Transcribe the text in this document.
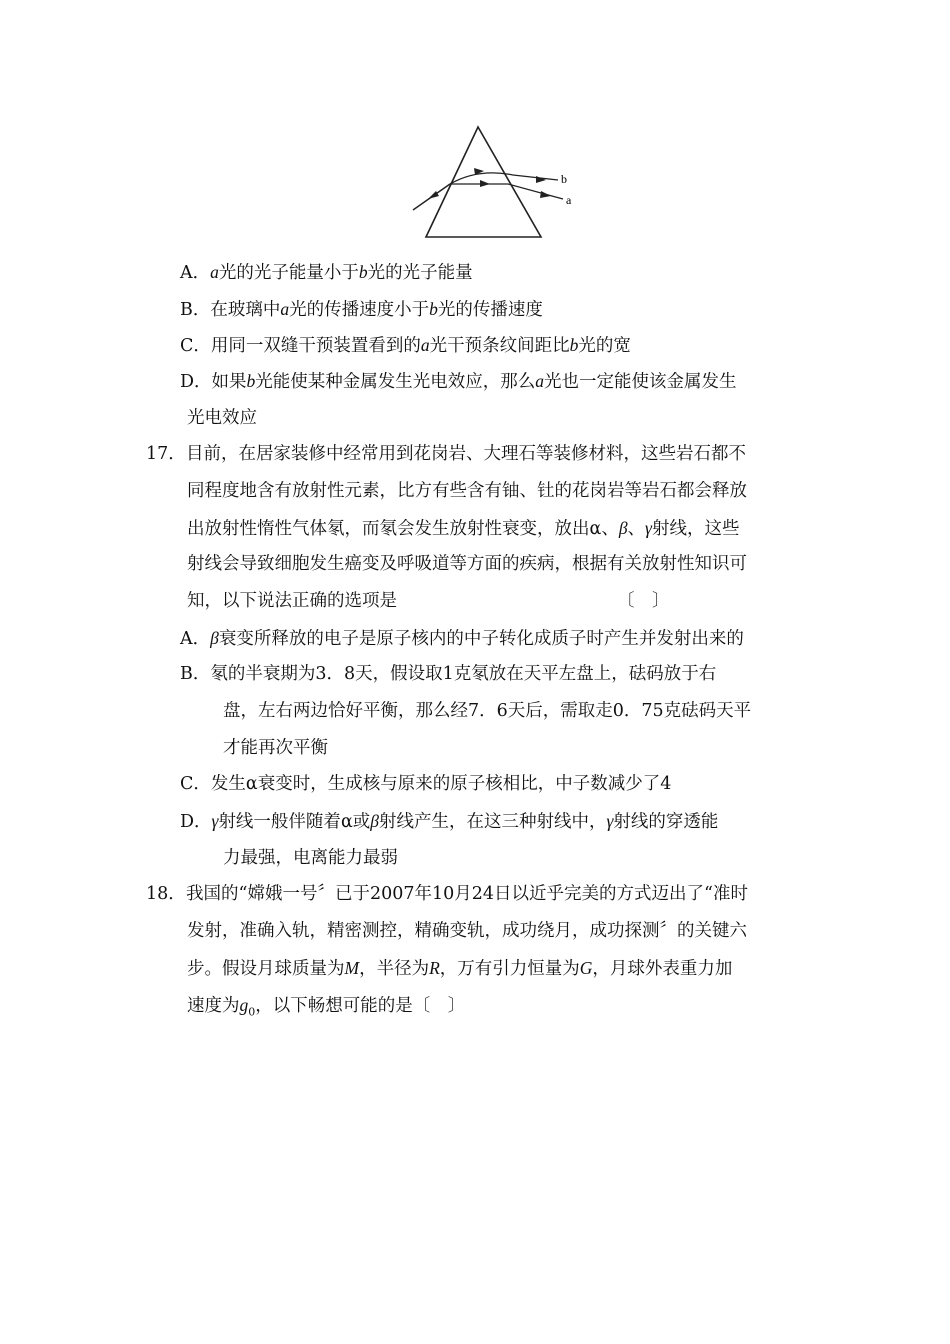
b
a
A．a光的光子能量小于b光的光子能量
B．在玻璃中a光的传播速度小于b光的传播速度
C．用同一双缝干预装置看到的a光干预条纹间距比b光的宽
D．如果b光能使某种金属发生光电效应，那么a光也一定能使该金属发生
光电效应
17．目前，在居家装修中经常用到花岗岩、大理石等装修材料，这些岩石都不
同程度地含有放射性元素，比方有些含有铀、钍的花岗岩等岩石都会释放
出放射性惰性气体氡，而氡会发生放射性衰变，放出α、β、γ射线，这些
射线会导致细胞发生癌变及呼吸道等方面的疾病，根据有关放射性知识可
知，以下说法正确的选项是	〔　〕
A．β衰变所释放的电子是原子核内的中子转化成质子时产生并发射出来的
B．氡的半衰期为3．8天，假设取1克氡放在天平左盘上，砝码放于右
盘，左右两边恰好平衡，那么经7．6天后，需取走0．75克砝码天平
才能再次平衡
C．发生α衰变时，生成核与原来的原子核相比，中子数减少了4
D．γ射线一般伴随着α或β射线产生，在这三种射线中，γ射线的穿透能
力最强，电离能力最弱
18．我国的“嫦娥一号〞已于2007年10月24日以近乎完美的方式迈出了“准时
发射，准确入轨，精密测控，精确变轨，成功绕月，成功探测〞的关键六
步。假设月球质量为M，半径为R，万有引力恒量为G，月球外表重力加
速度为$g_0$，以下畅想可能的是〔　〕
